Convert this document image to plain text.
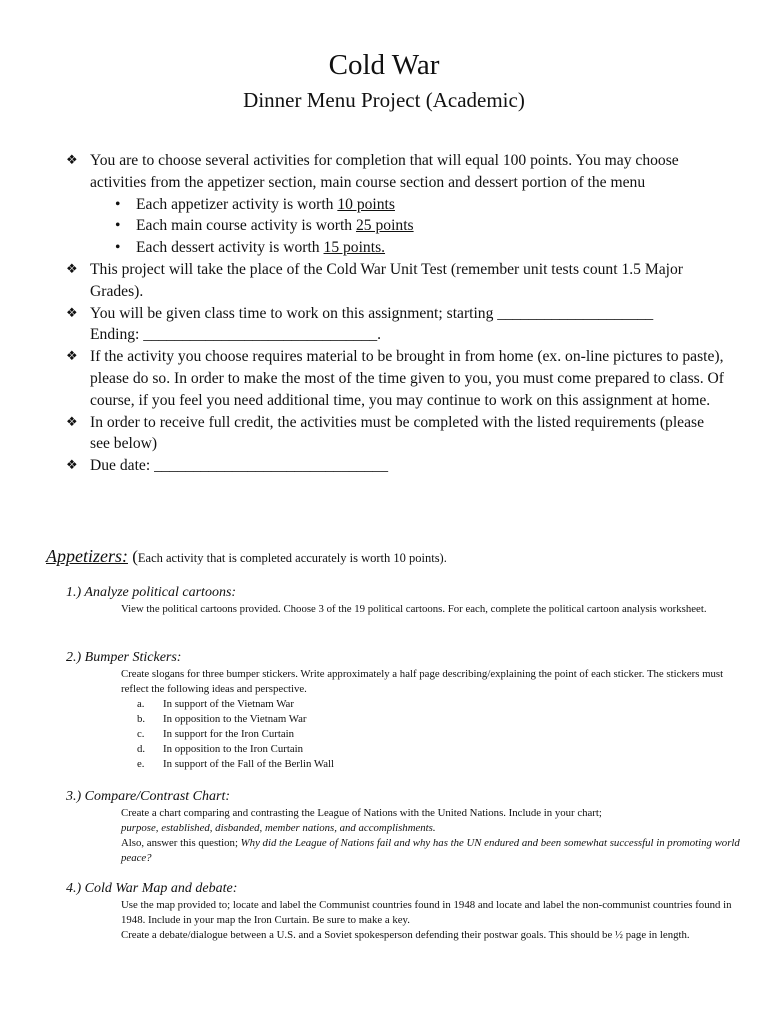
Cold War
Dinner Menu Project (Academic)
❖ You are to choose several activities for completion that will equal 100 points. You may choose activities from the appetizer section, main course section and dessert portion of the menu
• Each appetizer activity is worth 10 points
• Each main course activity is worth 25 points
• Each dessert activity is worth 15 points.
❖ This project will take the place of the Cold War Unit Test (remember unit tests count 1.5 Major Grades).
❖ You will be given class time to work on this assignment; starting ____________________
Ending: ______________________________.
❖ If the activity you choose requires material to be brought in from home (ex. on-line pictures to paste), please do so. In order to make the most of the time given to you, you must come prepared to class. Of course, if you feel you need additional time, you may continue to work on this assignment at home.
❖ In order to receive full credit, the activities must be completed with the listed requirements (please see below)
❖ Due date: ______________________________
Appetizers: (Each activity that is completed accurately is worth 10 points).
1.) Analyze political cartoons:
View the political cartoons provided. Choose 3 of the 19 political cartoons. For each, complete the political cartoon analysis worksheet.
2.) Bumper Stickers:
Create slogans for three bumper stickers. Write approximately a half page describing/explaining the point of each sticker. The stickers must reflect the following ideas and perspective.
a. In support of the Vietnam War
b. In opposition to the Vietnam War
c. In support for the Iron Curtain
d. In opposition to the Iron Curtain
e. In support of the Fall of the Berlin Wall
3.) Compare/Contrast Chart:
Create a chart comparing and contrasting the League of Nations with the United Nations. Include in your chart;
purpose, established, disbanded, member nations, and accomplishments.
Also, answer this question; Why did the League of Nations fail and why has the UN endured and been somewhat successful in promoting world peace?
4.) Cold War Map and debate:
Use the map provided to; locate and label the Communist countries found in 1948 and locate and label the non-communist countries found in 1948. Include in your map the Iron Curtain. Be sure to make a key.
Create a debate/dialogue between a U.S. and a Soviet spokesperson defending their postwar goals. This should be ½ page in length.
